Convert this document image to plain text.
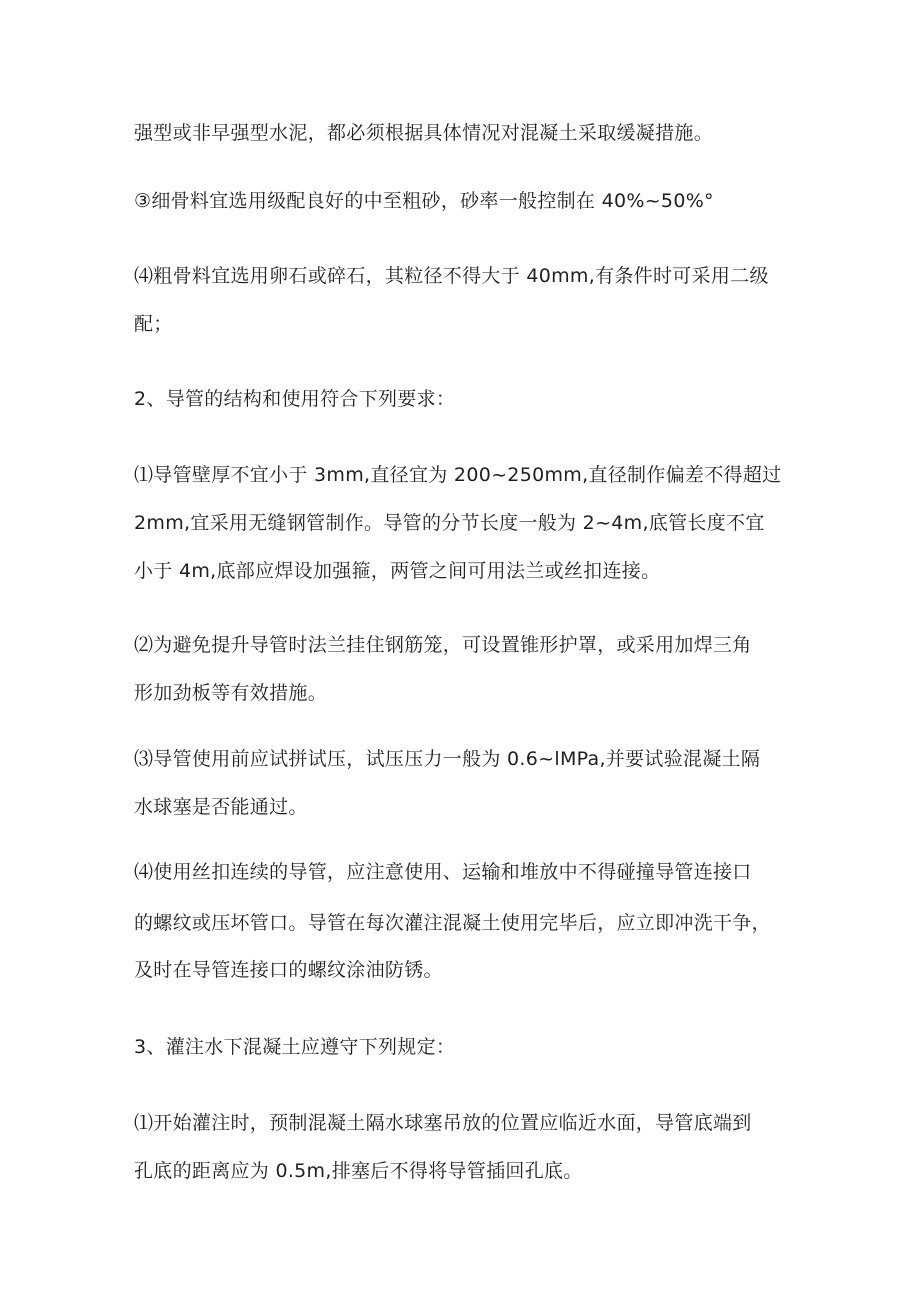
强型或非早强型水泥，都必须根据具体情况对混凝土采取缓凝措施。
③细骨料宜选用级配良好的中至粗砂，砂率一般控制在 40%~50%°
⑷粗骨料宜选用卵石或碎石，其粒径不得大于 40mm,有条件时可采用二级
配；
2、导管的结构和使用符合下列要求：
⑴导管壁厚不宜小于 3mm,直径宜为 200~250mm,直径制作偏差不得超过
2mm,宜采用无缝钢管制作。导管的分节长度一般为 2~4m,底管长度不宜
小于 4m,底部应焊设加强箍，两管之间可用法兰或丝扣连接。
⑵为避免提升导管时法兰挂住钢筋笼，可设置锥形护罩，或采用加焊三角
形加劲板等有效措施。
⑶导管使用前应试拼试压，试压压力一般为 0.6~lMPa,并要试验混凝土隔
水球塞是否能通过。
⑷使用丝扣连续的导管，应注意使用、运输和堆放中不得碰撞导管连接口
的螺纹或压坏管口。导管在每次灌注混凝土使用完毕后，应立即冲洗干争，
及时在导管连接口的螺纹涂油防锈。
3、灌注水下混凝土应遵守下列规定：
⑴开始灌注时，预制混凝土隔水球塞吊放的位置应临近水面，导管底端到
孔底的距离应为 0.5m,排塞后不得将导管插回孔底。
